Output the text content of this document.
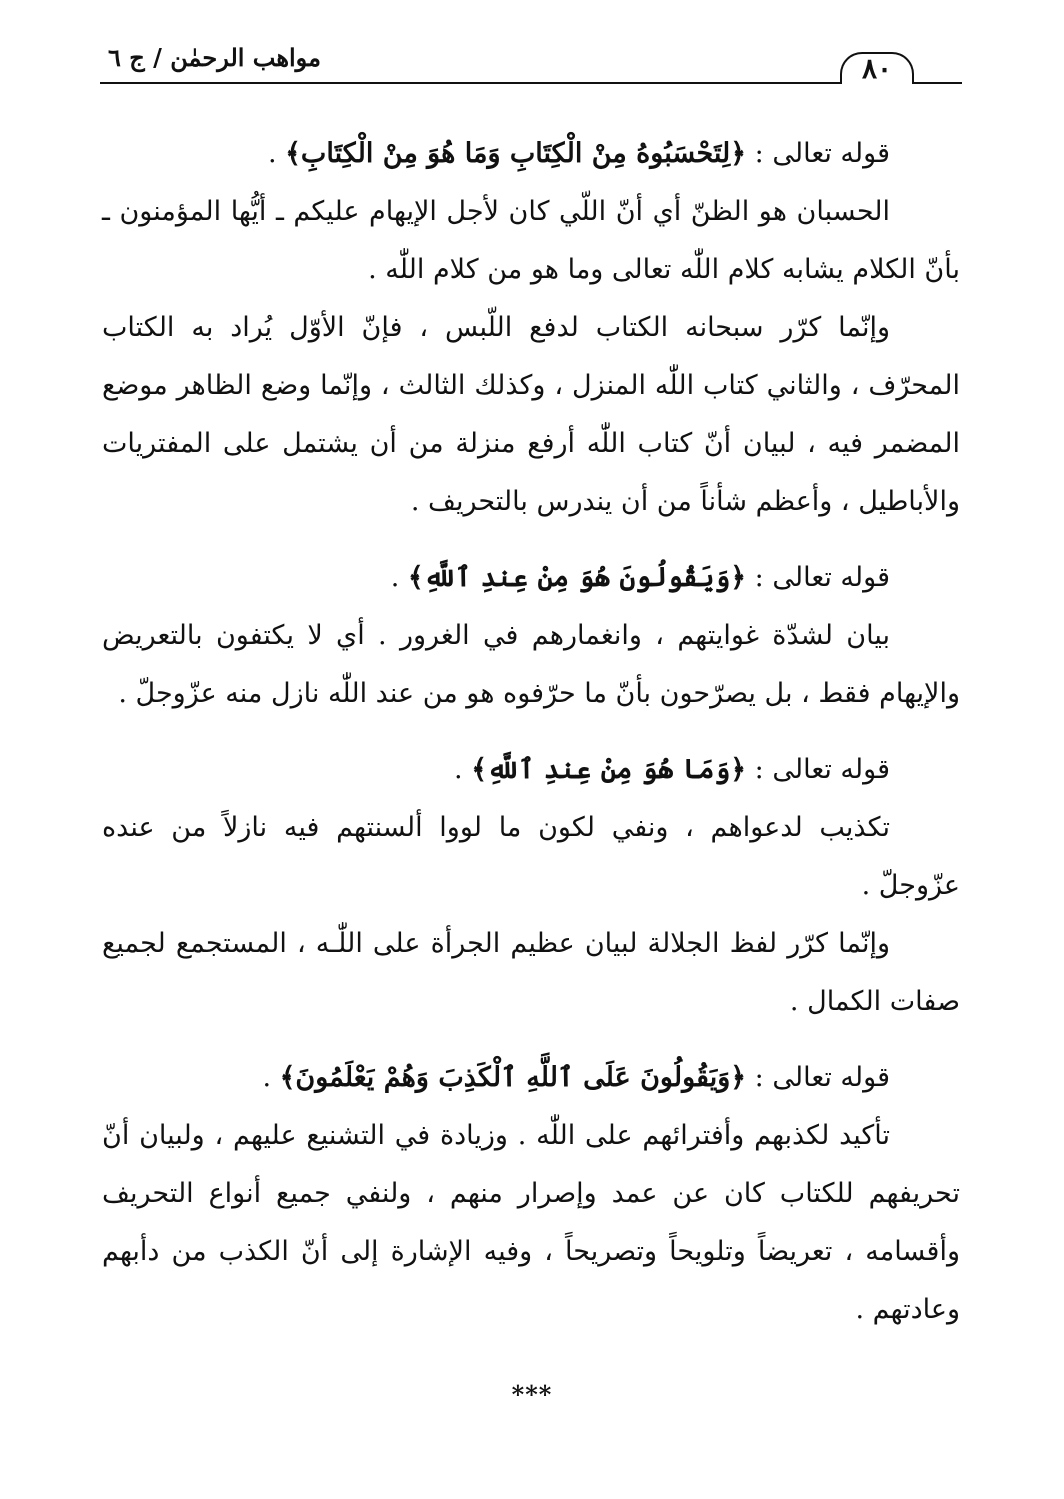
٨٠
مواهب الرحمٰن / ج ٦

قوله تعالى : ﴿لِتَحْسَبُوهُ مِنْ الْكِتَابِ وَمَا هُوَ مِنْ الْكِتَابِ﴾ .

الحسبان هو الظنّ أي أنّ اللّي كان لأجل الإيهام عليكم ـ أيُّها المؤمنون ـ بأنّ الكلام يشابه كلام اللّٰه تعالى وما هو من كلام اللّٰه .

وإنّما كرّر سبحانه الكتاب لدفع اللّبس ، فإنّ الأوّل يُراد به الكتاب المحرّف ، والثاني كتاب اللّٰه المنزل ، وكذلك الثالث ، وإنّما وضع الظاهر موضع المضمر فيه ، لبيان أنّ كتاب اللّٰه أرفع منزلة من أن يشتمل على المفتريات والأباطيل ، وأعظم شأناً من أن يندرس بالتحريف .

قوله تعالى : ﴿وَيَقُولُونَ هُوَ مِنْ عِندِ ٱللَّهِ﴾ .

بيان لشدّة غوايتهم ، وانغمارهم في الغرور . أي لا يكتفون بالتعريض والإيهام فقط ، بل يصرّحون بأنّ ما حرّفوه هو من عند اللّٰه نازل منه عزّوجلّ .

قوله تعالى : ﴿وَمَا هُوَ مِنْ عِندِ ٱللَّهِ﴾ .

تكذيب لدعواهم ، ونفي لكون ما لووا ألسنتهم فيه نازلاً من عنده عزّوجلّ .

وإنّما كرّر لفظ الجلالة لبيان عظيم الجرأة على اللّٰـه ، المستجمع لجميع صفات الكمال .

قوله تعالى : ﴿وَيَقُولُونَ عَلَى ٱللَّهِ ٱلْكَذِبَ وَهُمْ يَعْلَمُونَ﴾ .

تأكيد لكذبهم وأفترائهم على اللّٰه . وزيادة في التشنيع عليهم ، ولبيان أنّ تحريفهم للكتاب كان عن عمد وإصرار منهم ، ولنفي جميع أنواع التحريف وأقسامه ، تعريضاً وتلويحاً وتصريحاً ، وفيه الإشارة إلى أنّ الكذب من دأبهم وعادتهم .

***
